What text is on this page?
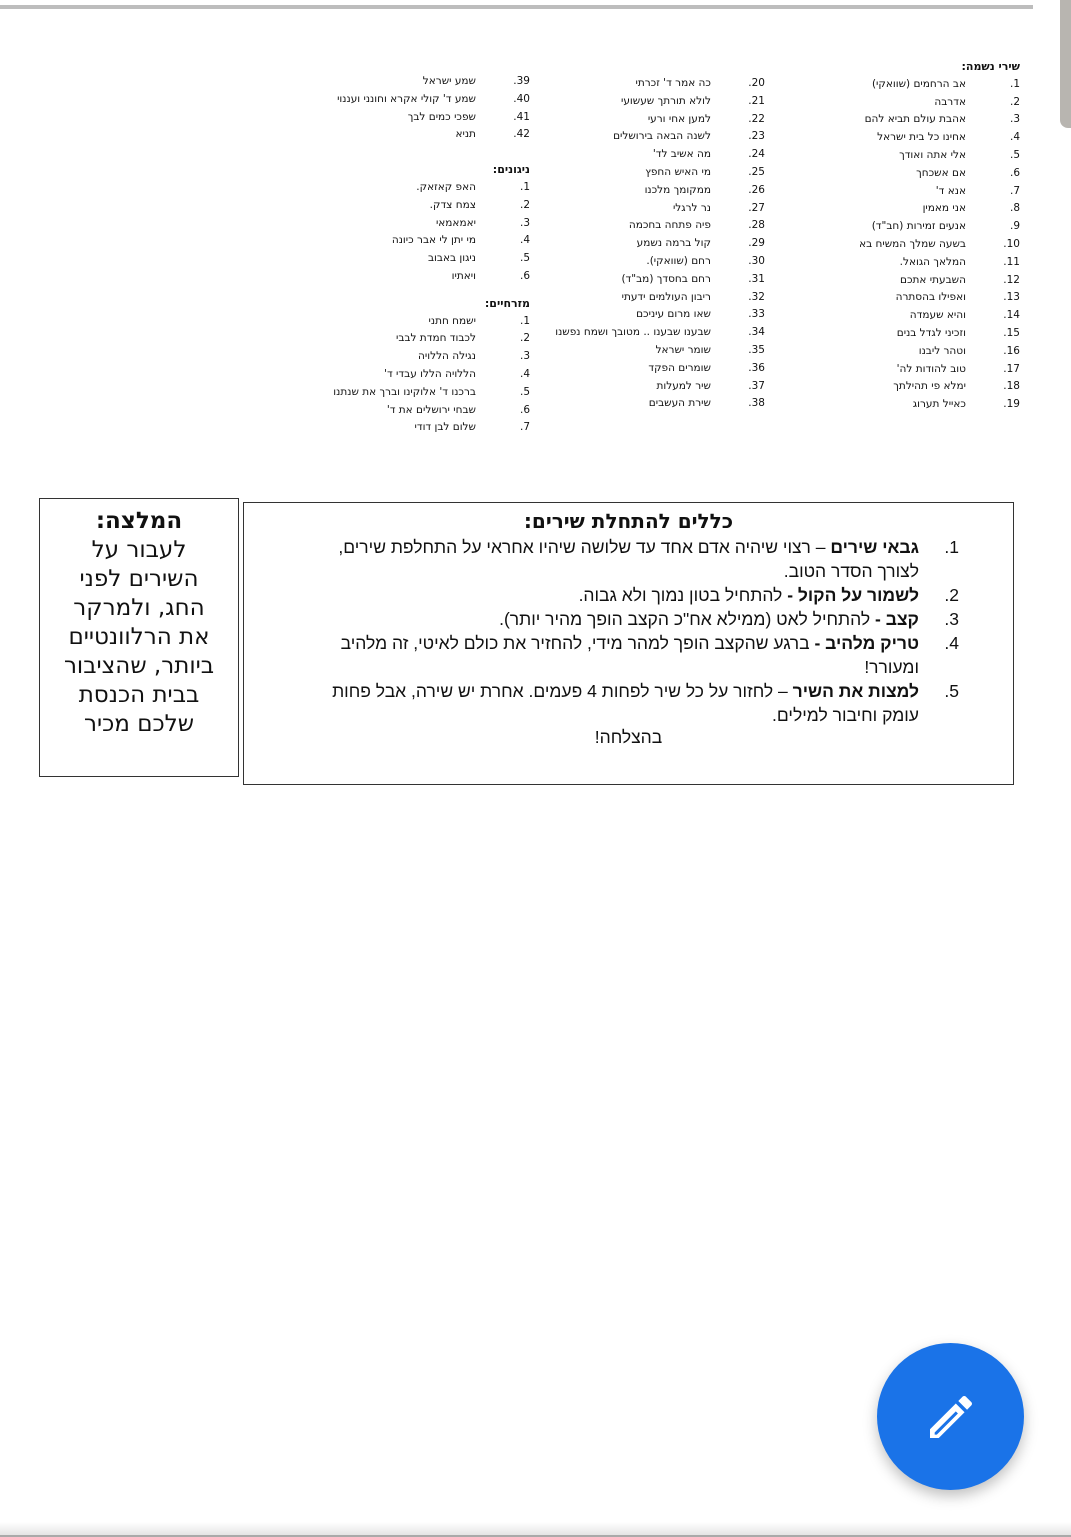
שירי נשמה:
1.

אב הרחמים (שוואקי)
2.

אדרבה
3.

אהבת עולם תביא להם
4.

אחינו כל בית ישראל
5.

אלי אתה ואודך
6.

אם אשכחך
7.

אנא ד'
8.

אני מאמין
9.

אנעים זמירות (חב"ד)
10.

בשעה שמלך המשיח בא
11.

המלאך הגואל.
12.

השבעתי אתכם
13.

ואפילו בהסתרה
14.

והיא שעמדה
15.

וזכיני לגדל בנים
16.

וטהר ליבנו
17.

טוב להודות לה'
18.

ימלא פי תהילתך
19.

כאייל תערוג
20.

כה אמר ד' זכרתי
21.

לולא תורתך שעשועי
22.

למען אחי ורעי
23.

לשנה הבאה בירושלים
24.

מה אשיב לד'
25.

מי האיש החפץ
26.

ממקומך מלכנו
27.

נר לרגלי
28.

פיה פתחה בחכמה
29.

קול ברמה נשמע
30.

רחם (שוואקי).
31.

רחם בחסדך (מב"ד)
32.

ריבון העולמים ידעתי
33.

שאו מרום עיניכם
34.

שבענו שבענו .. מטובך ושמח נפשנו
35.

שומר ישראל
36.

שומרים הפקד
37.

שיר למעלות
38.

שירת העשבים
39.

שמע ישראל
40.

שמע ד' קולי אקרא וחונני ועננוי
41.

שפכי כמים לבך
42.

תניא
ניגונים:
1.

האפ קאזאק.
2.

צמח צדק.
3.

יאמאמאי
4.

מי יתן לי אבר כיונה
5.

ניגון באבוב
6.

ויאתיו
מזרחיים:
1.

ישמח חתני
2.

לכבוד חמדת לבבי
3.

נגילה הללויה
4.

הללויה הללו עבדי ד'
5.

ברכנו ד' אלוקינו וברך את שנתנו
6.

שבחי ירושלים את ד'
7.

שלום לבן דודי
כללים להתחלת שירים:
1.
גבאי שירים – רצוי שיהיה אדם אחד עד שלושה שיהיו אחראי על התחלפת שירים, לצורך הסדר הטוב.
2.
לשמור על הקול - להתחיל בטון נמוך ולא גבוה.
3.
קצב - להתחיל לאט (ממילא אח"כ הקצב הופך מהיר יותר).
4.
טריק מלהיב - ברגע שהקצב הופך למהר מידי, להחזיר את כולם לאיטי, זה מלהיב ומעורר!
5.
למצות את השיר – לחזור על כל שיר לפחות 4 פעמים. אחרת יש שירה, אבל פחות עומק וחיבור למילים.
בהצלחה!
המלצה:
לעבור על
השירים לפני
החג, ולמרקר
את הרלוונטיים
ביותר, שהציבור
בבית הכנסת
שלכם מכיר
